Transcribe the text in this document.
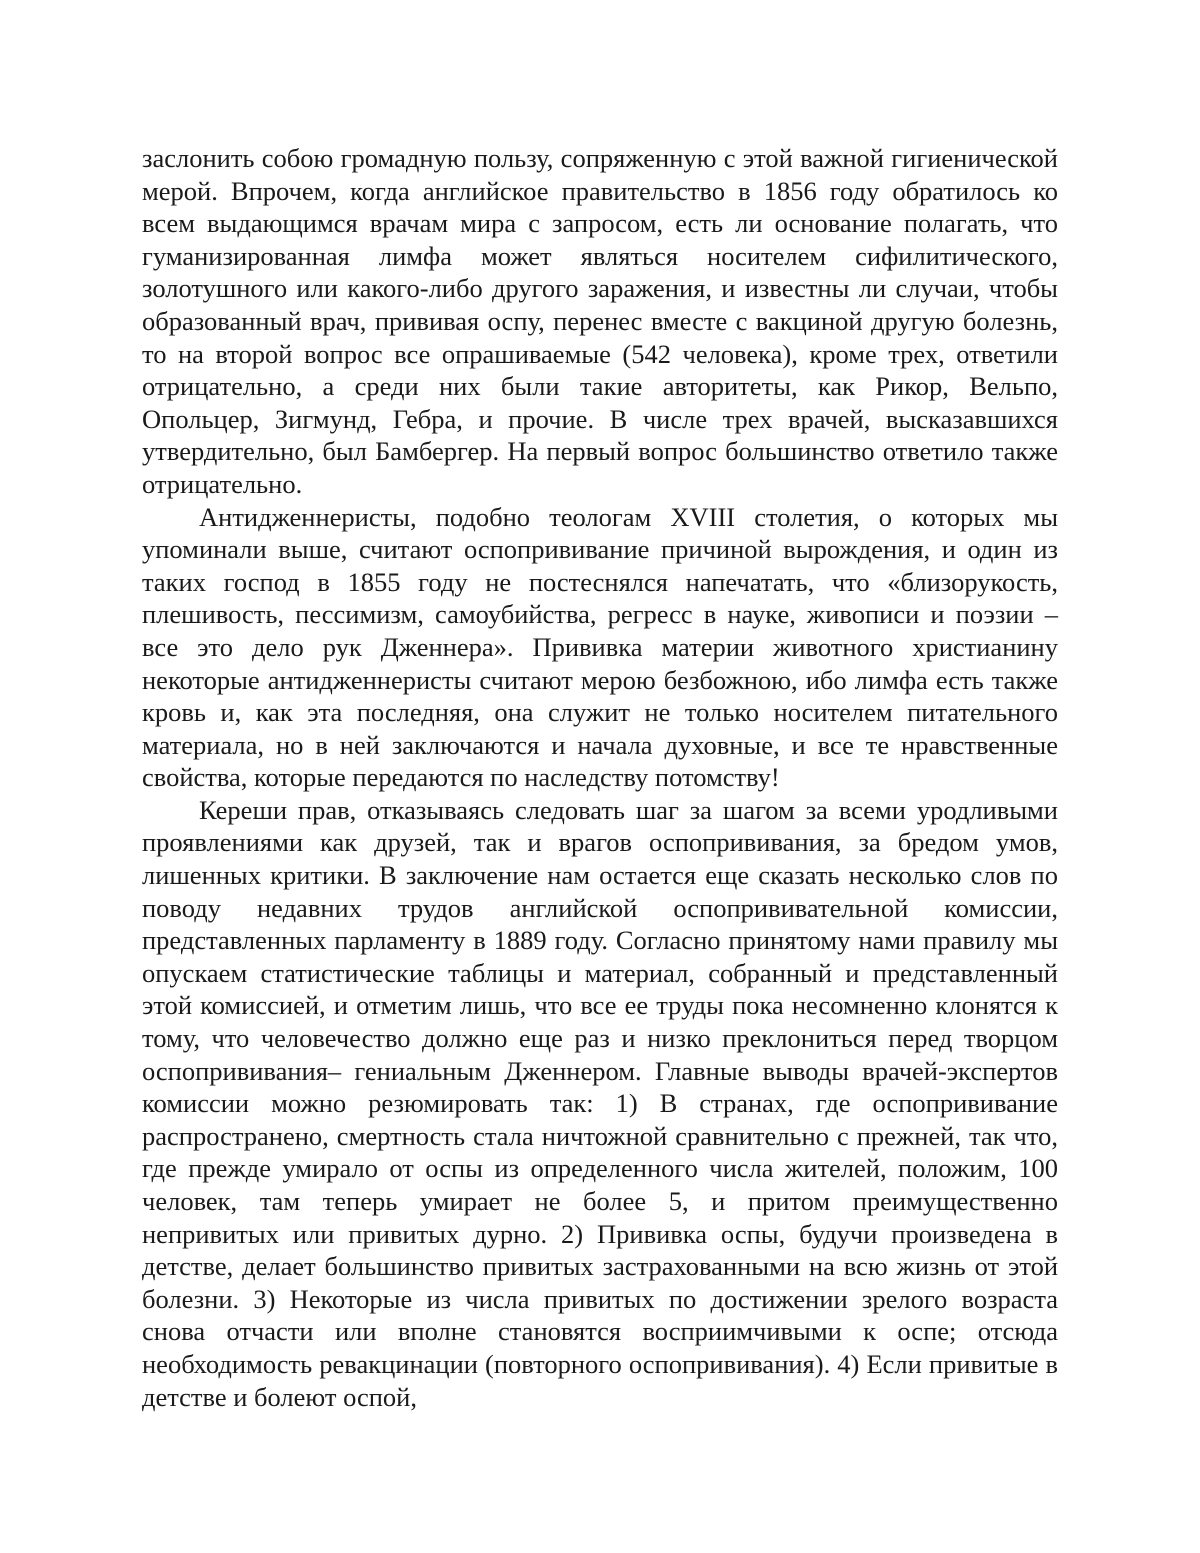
заслонить собою громадную пользу, сопряженную с этой важной гигиенической мерой. Впрочем, когда английское правительство в 1856 году обратилось ко всем выдающимся врачам мира с запросом, есть ли основание полагать, что гуманизированная лимфа может являться носителем сифилитического, золотушного или какого-либо другого заражения, и известны ли случаи, чтобы образованный врач, прививая оспу, перенес вместе с вакциной другую болезнь, то на второй вопрос все опрашиваемые (542 человека), кроме трех, ответили отрицательно, а среди них были такие авторитеты, как Рикор, Вельпо, Опольцер, Зигмунд, Гебра, и прочие. В числе трех врачей, высказавшихся утвердительно, был Бамбергер. На первый вопрос большинство ответило также отрицательно.

Антидженнеристы, подобно теологам XVIII столетия, о которых мы упоминали выше, считают оспопрививание причиной вырождения, и один из таких господ в 1855 году не постеснялся напечатать, что «близорукость, плешивость, пессимизм, самоубийства, регресс в науке, живописи и поэзии – все это дело рук Дженнера». Прививка материи животного христианину некоторые антидженнеристы считают мерою безбожною, ибо лимфа есть также кровь и, как эта последняя, она служит не только носителем питательного материала, но в ней заключаются и начала духовные, и все те нравственные свойства, которые передаются по наследству потомству!

Кереши прав, отказываясь следовать шаг за шагом за всеми уродливыми проявлениями как друзей, так и врагов оспопрививания, за бредом умов, лишенных критики. В заключение нам остается еще сказать несколько слов по поводу недавних трудов английской оспопрививательной комиссии, представленных парламенту в 1889 году. Согласно принятому нами правилу мы опускаем статистические таблицы и материал, собранный и представленный этой комиссией, и отметим лишь, что все ее труды пока несомненно клонятся к тому, что человечество должно еще раз и низко преклониться перед творцом оспопрививания– гениальным Дженнером. Главные выводы врачей-экспертов комиссии можно резюмировать так: 1) В странах, где оспопрививание распространено, смертность стала ничтожной сравнительно с прежней, так что, где прежде умирало от оспы из определенного числа жителей, положим, 100 человек, там теперь умирает не более 5, и притом преимущественно непривитых или привитых дурно. 2) Прививка оспы, будучи произведена в детстве, делает большинство привитых застрахованными на всю жизнь от этой болезни. 3) Некоторые из числа привитых по достижении зрелого возраста снова отчасти или вполне становятся восприимчивыми к оспе; отсюда необходимость ревакцинации (повторного оспопрививания). 4) Если привитые в детстве и болеют оспой,
